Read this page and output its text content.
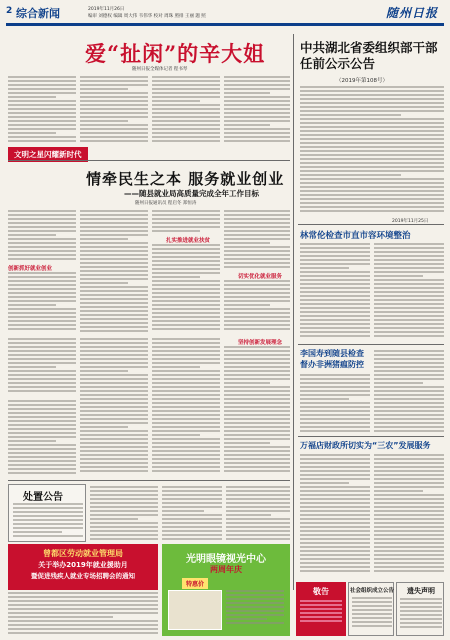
2 综合新闻	2019年11月26日
编审 刘德权 编辑 周大伟 韦伟华 校对 周珠 照排 王丽 题 照	随州日报
爱“扯闲”的辛大姐
随州日报全媒体记者 程书琴
文明之星闪耀新时代
情牵民生之本 服务就业创业
——随县就业局高质量完成全年工作目标
随州日报通讯员 程启冬 郑恒涛
创新抓好就业创业
扎实推进就业扶贫
切实优化就业服务
坚持创新发展理念
中共湖北省委组织部干部任前公示公告
（2019年第108号）
2019年11月25日
林常伦检查市直市容环境整治
李国寿到随县检查督办非洲猪瘟防控
万福店财政所切实为“三农”发展服务
处置公告
曾都区劳动就业管理局
关于举办2019年就业援助月
暨促进残疾人就业专场招聘会的通知
光明眼镜视光中心
两周年庆
特惠价
敬告	社会组织成立公告	遗失声明
